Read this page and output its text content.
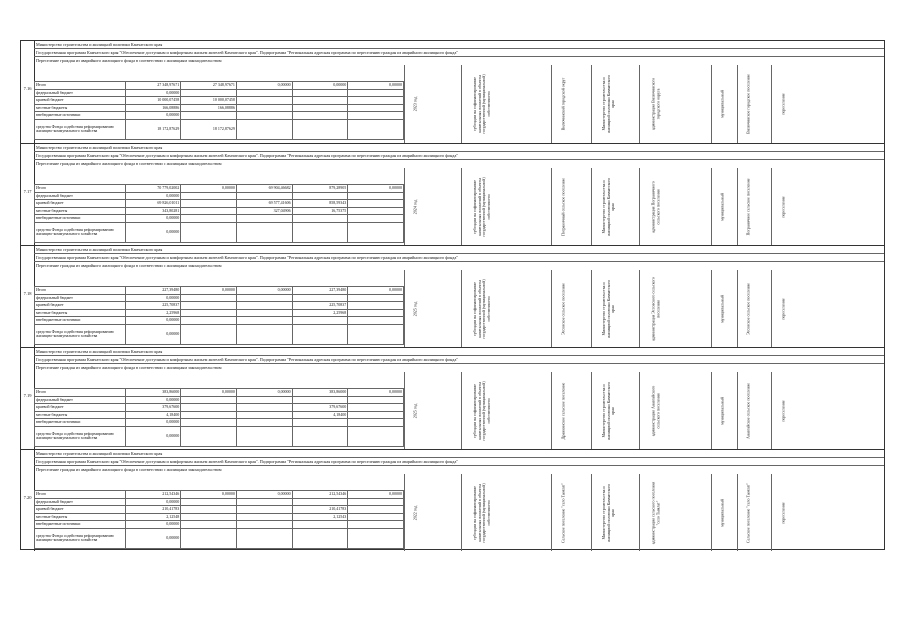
7.16
Министерство строительства и жилищной политики Камчатского края
Государственная программа Камчатского края "Обеспечение доступным и комфортным жильем жителей Камчатского края". Подпрограмма "Региональная адресная программа по переселению граждан из аварийного жилищного фонда"
Переселение граждан из аварийного жилищного фонда в соответствии с жилищным законодательством
Итого	27 348,97671	27 348,97671	0,00000	0,00000	0,00000
федеральный бюджет	0,00000				
краевой бюджет	10 000,07458	10 000,07458			
местные бюджеты	166,08886	166,08886			
внебюджетные источники	0,00000				
средства Фонда содействия реформированию жилищно-коммунального хозяйства	18 172,87629	18 172,87629			
2023 год	субсидии на софинансирование капитальных вложений в объекты государственной (муниципальной) собственности	Вилючинский городской округ	Министерство строительства и жилищной политики Камчатского края	администрация Вилючинского городского округа	муниципальный	Вилючинское городское поселение	переселение
7.17
Министерство строительства и жилищной политики Камчатского края
Государственная программа Камчатского края "Обеспечение доступным и комфортным жильем жителей Камчатского края". Подпрограмма "Региональная адресная программа по переселению граждан из аварийного жилищного фонда"
Переселение граждан из аварийного жилищного фонда в соответствии с жилищным законодательством
Итого	70 779,02002	0,00000	69 904,46682	879,28905	0,00000
федеральный бюджет	0,00000				
краевой бюджет	69 826,01011		69 577,41606	858,59343	
местные бюджеты	343,80281		327,04906	16,75375	
внебюджетные источники	0,00000				
средства Фонда содействия реформированию жилищно-коммунального хозяйства	0,00000				
2024 год	субсидии на софинансирование капитальных вложений в объекты государственной (муниципальной) собственности	Пограничный сельское поселение	Министерство строительства и жилищной политики Камчатского края	администрация Пограничного сельского поселения	муниципальный	Пограничное сельское поселение	переселение
7.18
Министерство строительства и жилищной политики Камчатского края
Государственная программа Камчатского края "Обеспечение доступным и комфортным жильем жителей Камчатского края". Подпрограмма "Региональная адресная программа по переселению граждан из аварийного жилищного фонда"
Переселение граждан из аварийного жилищного фонда в соответствии с жилищным законодательством
Итого	227,39480	0,00000	0,00000	227,39480	0,00000
федеральный бюджет	0,00000				
краевой бюджет	225,70837			225,70837	
местные бюджеты	2,25968			2,25968	
внебюджетные источники	0,00000				
средства Фонда содействия реформированию жилищно-коммунального хозяйства	0,00000				
2025 год	субсидии на софинансирование капитальных вложений в объекты государственной (муниципальной) собственности	Эссовское сельское поселение	Министерство строительства и жилищной политики Камчатского края	администрация Эссовского сельского поселения	муниципальный	Эссовское сельское поселение	переселение
7.19
Министерство строительства и жилищной политики Камчатского края
Государственная программа Камчатского края "Обеспечение доступным и комфортным жильем жителей Камчатского края". Подпрограмма "Региональная адресная программа по переселению граждан из аварийного жилищного фонда"
Переселение граждан из аварийного жилищного фонда в соответствии с жилищным законодательством
Итого	383,86000	0,00000	0,00000	383,86000	0,00000
федеральный бюджет	0,00000				
краевой бюджет	379,67600			379,67600	
местные бюджеты	4,18400			4,18400	
внебюджетные источники	0,00000				
средства Фонда содействия реформированию жилищно-коммунального хозяйства	0,00000				
2025 год	субсидии на софинансирование капитальных вложений в объекты государственной (муниципальной) собственности	Дранкинское сельское поселение	Министерство строительства и жилищной политики Камчатского края	администрация Анавгайского сельского поселения	муниципальный	Анавгайское сельское поселение	переселение
7.20
Министерство строительства и жилищной политики Камчатского края
Государственная программа Камчатского края "Обеспечение доступным и комфортным жильем жителей Камчатского края". Подпрограмма "Региональная адресная программа по переселению граждан из аварийного жилищного фонда"
Переселение граждан из аварийного жилищного фонда в соответствии с жилищным законодательством
Итого	212,54346	0,00000	0,00000	212,54346	0,00000
федеральный бюджет	0,00000				
краевой бюджет	210,41783			210,41783	
местные бюджеты	2,12548			2,12543	
внебюджетные источники	0,00000				
средства Фонда содействия реформированию жилищно-коммунального хозяйства	0,00000				
2022 год	субсидии на софинансирование капитальных вложений в объекты государственной (муниципальной) собственности	Сельское поселение "село Тымлат"	Министерство строительства и жилищной политики Камчатского края	администрация сельского поселения "село Тымлат"	муниципальный	Сельское поселение "село Тымлат"	переселение
